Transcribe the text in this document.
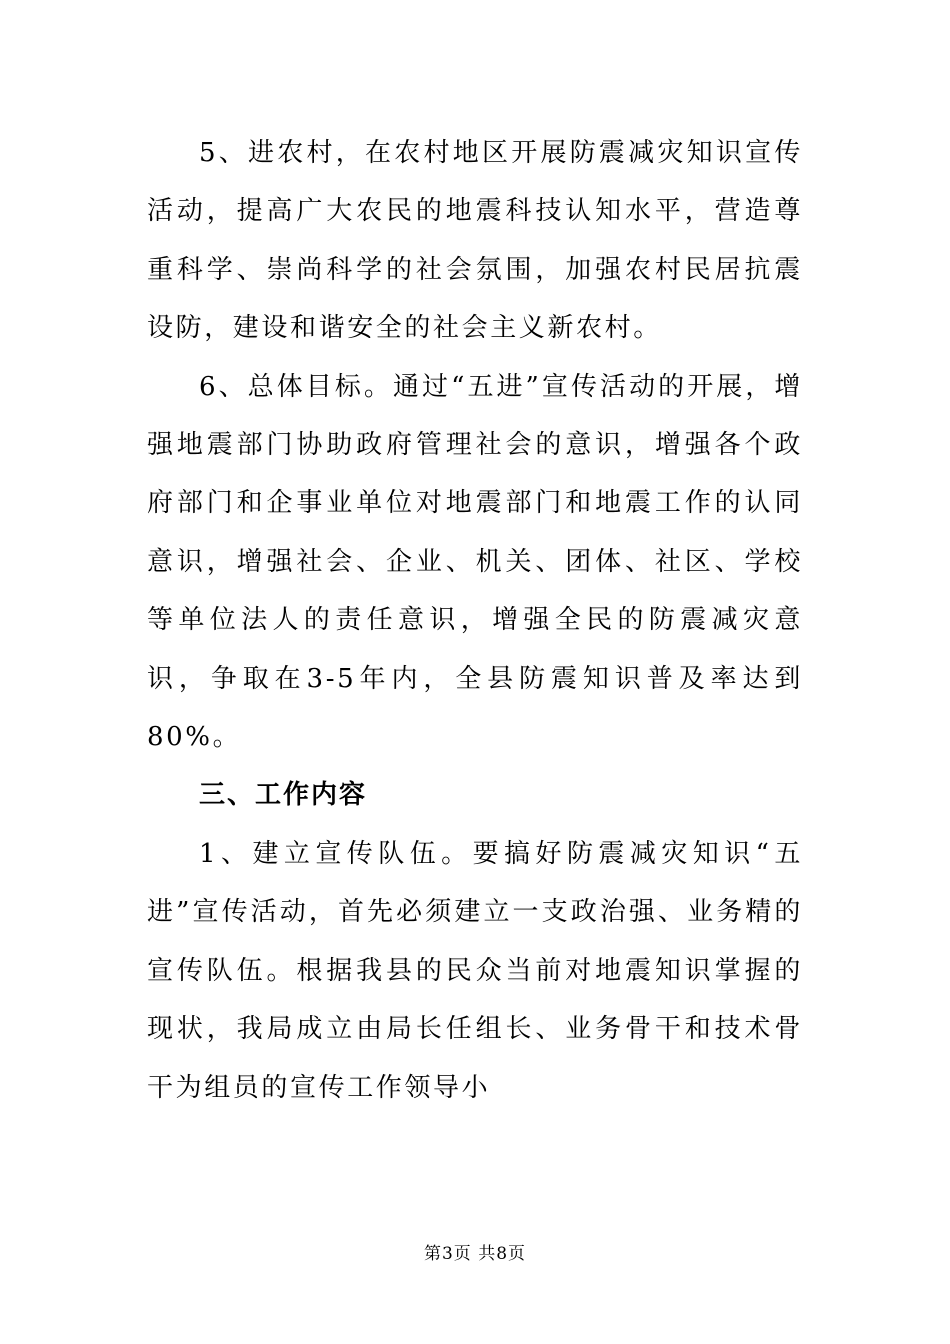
5、进农村，在农村地区开展防震减灾知识宣传活动，提高广大农民的地震科技认知水平，营造尊重科学、崇尚科学的社会氛围，加强农村民居抗震设防，建设和谐安全的社会主义新农村。

6、总体目标。通过“五进”宣传活动的开展，增强地震部门协助政府管理社会的意识，增强各个政府部门和企事业单位对地震部门和地震工作的认同意识，增强社会、企业、机关、团体、社区、学校等单位法人的责任意识，增强全民的防震减灾意识，争取在3-5年内，全县防震知识普及率达到80%。

三、工作内容

1、建立宣传队伍。要搞好防震减灾知识“五进”宣传活动，首先必须建立一支政治强、业务精的宣传队伍。根据我县的民众当前对地震知识掌握的现状，我局成立由局长任组长、业务骨干和技术骨干为组员的宣传工作领导小

第3页 共8页
